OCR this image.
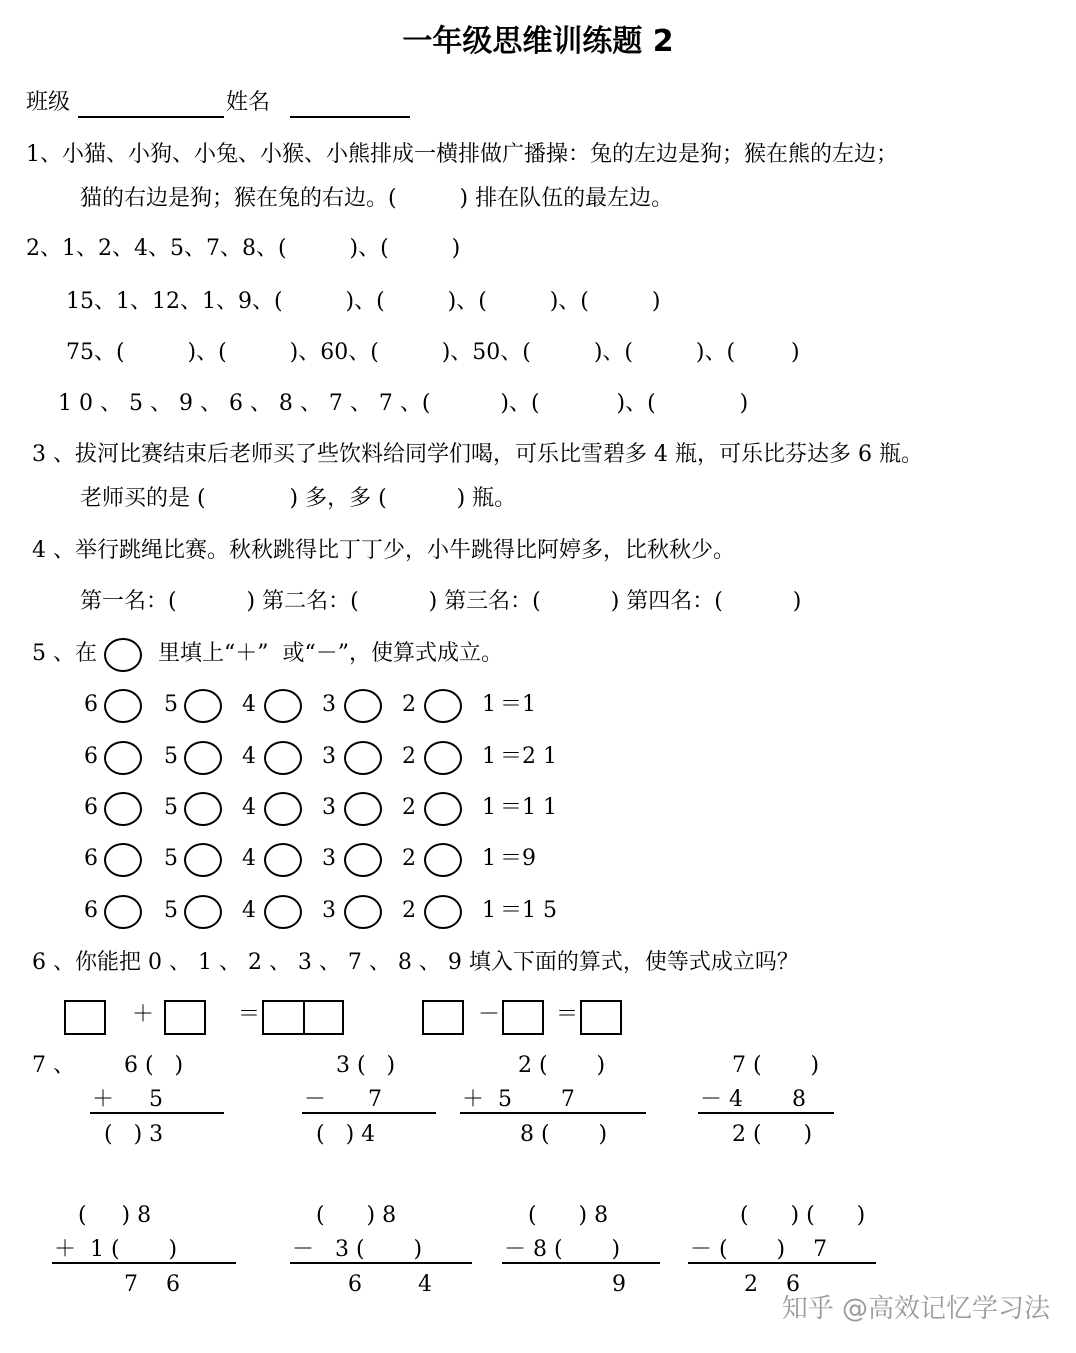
一年级思维训练题 2
班级	姓名
1、小猫、小狗、小兔、小猴、小熊排成一横排做广播操：兔的左边是狗；猴在熊的左边；
猫的右边是狗；猴在兔的右边。(         ) 排在队伍的最左边。
2、1、2、4、5、7、8、(         )、(         )
15、1、12、1、9、(         )、(         )、(         )、(         )
75、(         )、(         )、60、(         )、50、(         )、(         )、(        )
1 0 、 5 、 9 、 6 、 8 、 7 、 7 、(          )、(           )、(            )
3 、拔河比赛结束后老师买了些饮料给同学们喝，可乐比雪碧多 4 瓶，可乐比芬达多 6 瓶。
老师买的是 (            ) 多，多 (          ) 瓶。
4 、举行跳绳比赛。秋秋跳得比丁丁少，小牛跳得比阿婷多，比秋秋少。
第一名：(          ) 第二名：(          ) 第三名：(          ) 第四名：(          )
5 、在	里填上“＋”  或“－”，使算式成立。
6	5	4	3	2	1 ＝1
6	5	4	3	2	1 ＝2 1
6	5	4	3	2	1 ＝1 1
6	5	4	3	2	1 ＝9
6	5	4	3	2	1 ＝1 5
6 、你能把 0 、 1 、 2 、 3 、 7 、 8 、 9 填入下面的算式，使等式成立吗？
＋	＝	－	＝
7 、 6 (   )
＋     5
(   ) 3
3 (   )
－      7
(   ) 4
2 (       )
＋  5       7
8 (       )
7 (       )
－ 4       8
2 (      )
(     ) 8
＋  1 (       )
7    6
(      ) 8
－   3 (       )
6        4
(      ) 8
－ 8 (       )
9
(      ) (      )
－ (       )    7
2    6
知乎 @高效记忆学习法
